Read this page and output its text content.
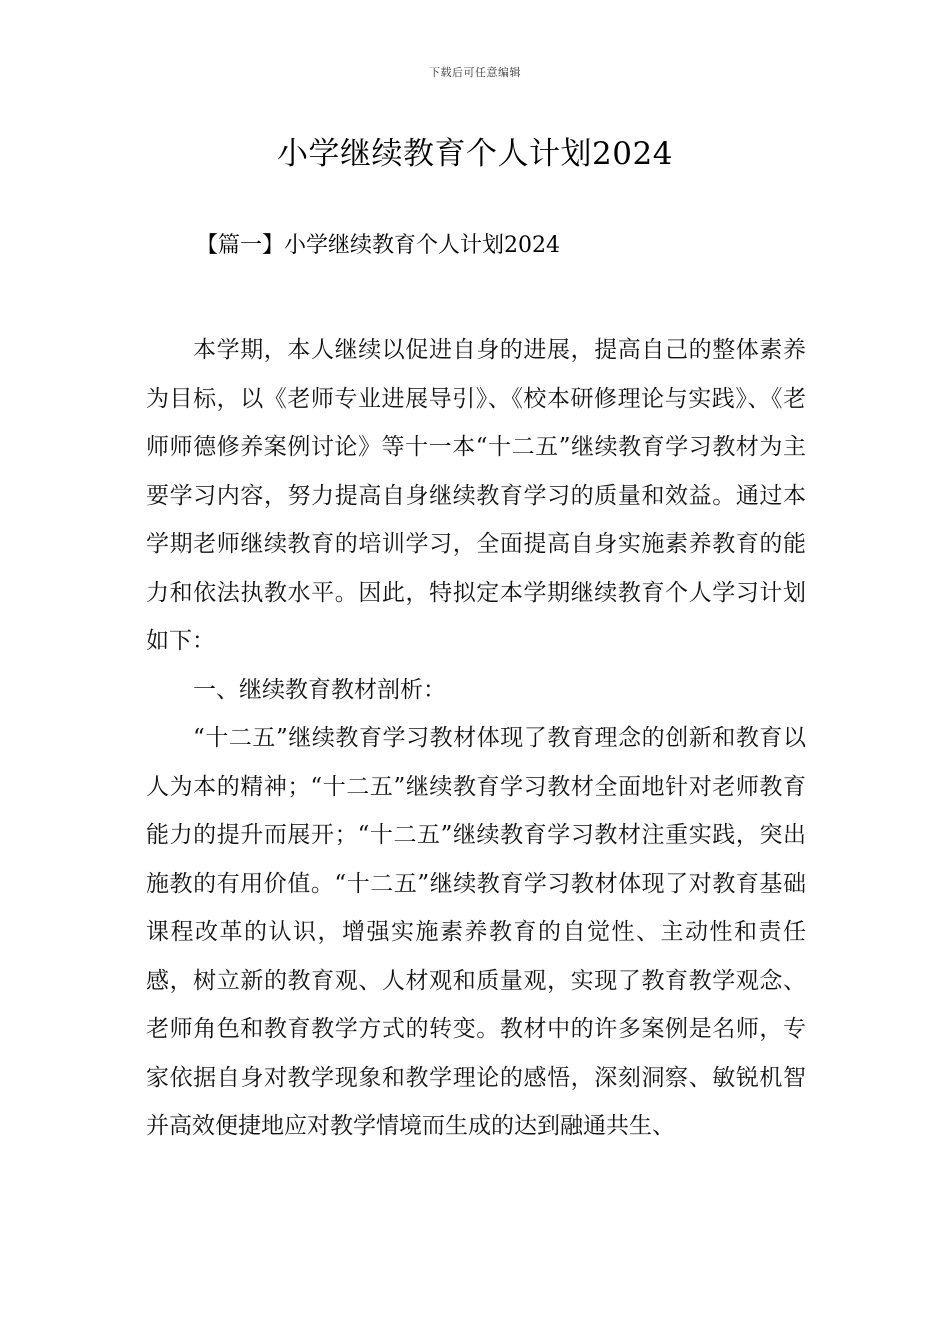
下载后可任意编辑
小学继续教育个人计划2024
【篇一】小学继续教育个人计划2024

本学期，本人继续以促进自身的进展，提高自己的整体素养为目标，以《老师专业进展导引》、《校本研修理论与实践》、《老师师德修养案例讨论》等十一本“十二五”继续教育学习教材为主要学习内容，努力提高自身继续教育学习的质量和效益。通过本学期老师继续教育的培训学习，全面提高自身实施素养教育的能力和依法执教水平。因此，特拟定本学期继续教育个人学习计划如下：

一、继续教育教材剖析：

“十二五”继续教育学习教材体现了教育理念的创新和教育以人为本的精神；“十二五”继续教育学习教材全面地针对老师教育能力的提升而展开；“十二五”继续教育学习教材注重实践，突出施教的有用价值。“十二五”继续教育学习教材体现了对教育基础课程改革的认识，增强实施素养教育的自觉性、主动性和责任感，树立新的教育观、人材观和质量观，实现了教育教学观念、老师角色和教育教学方式的转变。教材中的许多案例是名师，专家依据自身对教学现象和教学理论的感悟，深刻洞察、敏锐机智并高效便捷地应对教学情境而生成的达到融通共生、
